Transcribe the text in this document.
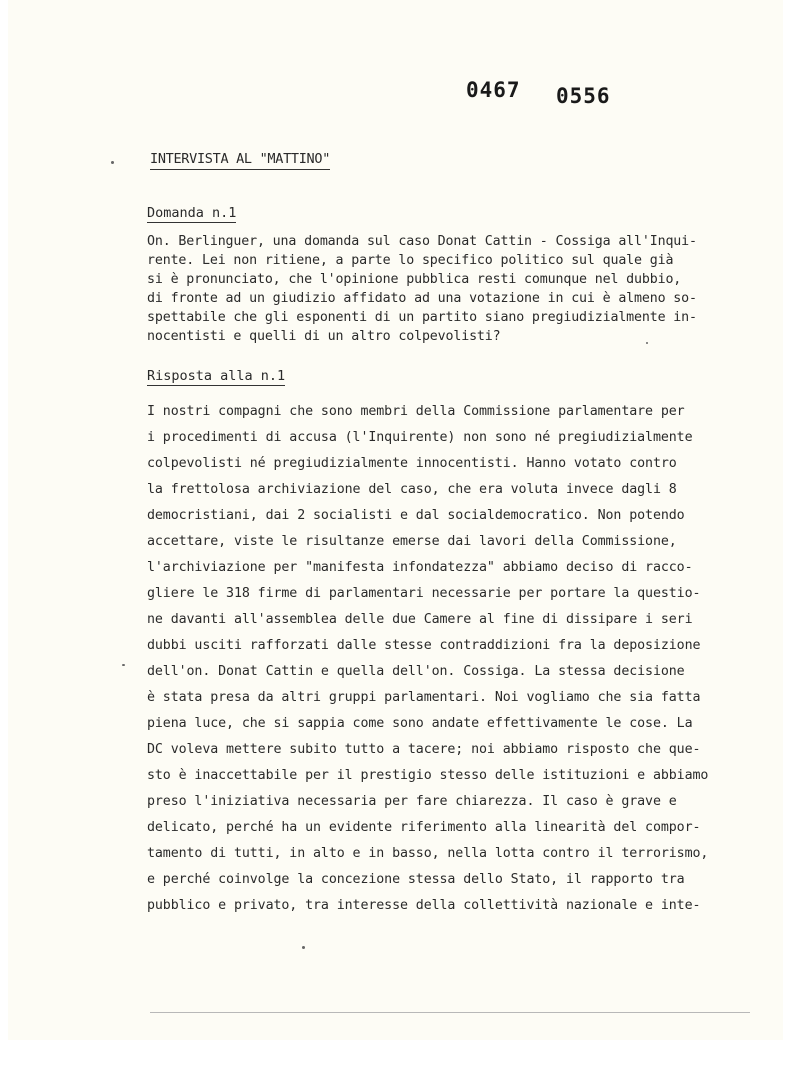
0467 0556
INTERVISTA AL "MATTINO"
Domanda n.1
On. Berlinguer, una domanda sul caso Donat Cattin - Cossiga all'Inqui-
rente. Lei non ritiene, a parte lo specifico politico sul quale già
si è pronunciato, che l'opinione pubblica resti comunque nel dubbio,
di fronte ad un giudizio affidato ad una votazione in cui è almeno so-
spettabile che gli esponenti di un partito siano pregiudizialmente in-
nocentisti e quelli di un altro colpevolisti?
Risposta alla n.1
I nostri compagni che sono membri della Commissione parlamentare per
i procedimenti di accusa (l'Inquirente) non sono né pregiudizialmente
colpevolisti né pregiudizialmente innocentisti. Hanno votato contro
la frettolosa archiviazione del caso, che era voluta invece dagli 8
democristiani, dai 2 socialisti e dal socialdemocratico. Non potendo
accettare, viste le risultanze emerse dai lavori della Commissione,
l'archiviazione per "manifesta infondatezza" abbiamo deciso di racco-
gliere le 318 firme di parlamentari necessarie per portare la questio-
ne davanti all'assemblea delle due Camere al fine di dissipare i seri
dubbi usciti rafforzati dalle stesse contraddizioni fra la deposizione
dell'on. Donat Cattin e quella dell'on. Cossiga. La stessa decisione
è stata presa da altri gruppi parlamentari. Noi vogliamo che sia fatta
piena luce, che si sappia come sono andate effettivamente le cose. La
DC voleva mettere subito tutto a tacere; noi abbiamo risposto che que-
sto è inaccettabile per il prestigio stesso delle istituzioni e abbiamo
preso l'iniziativa necessaria per fare chiarezza. Il caso è grave e
delicato, perché ha un evidente riferimento alla linearità del compor-
tamento di tutti, in alto e in basso, nella lotta contro il terrorismo,
e perché coinvolge la concezione stessa dello Stato, il rapporto tra
pubblico e privato, tra interesse della collettività nazionale e inte-
